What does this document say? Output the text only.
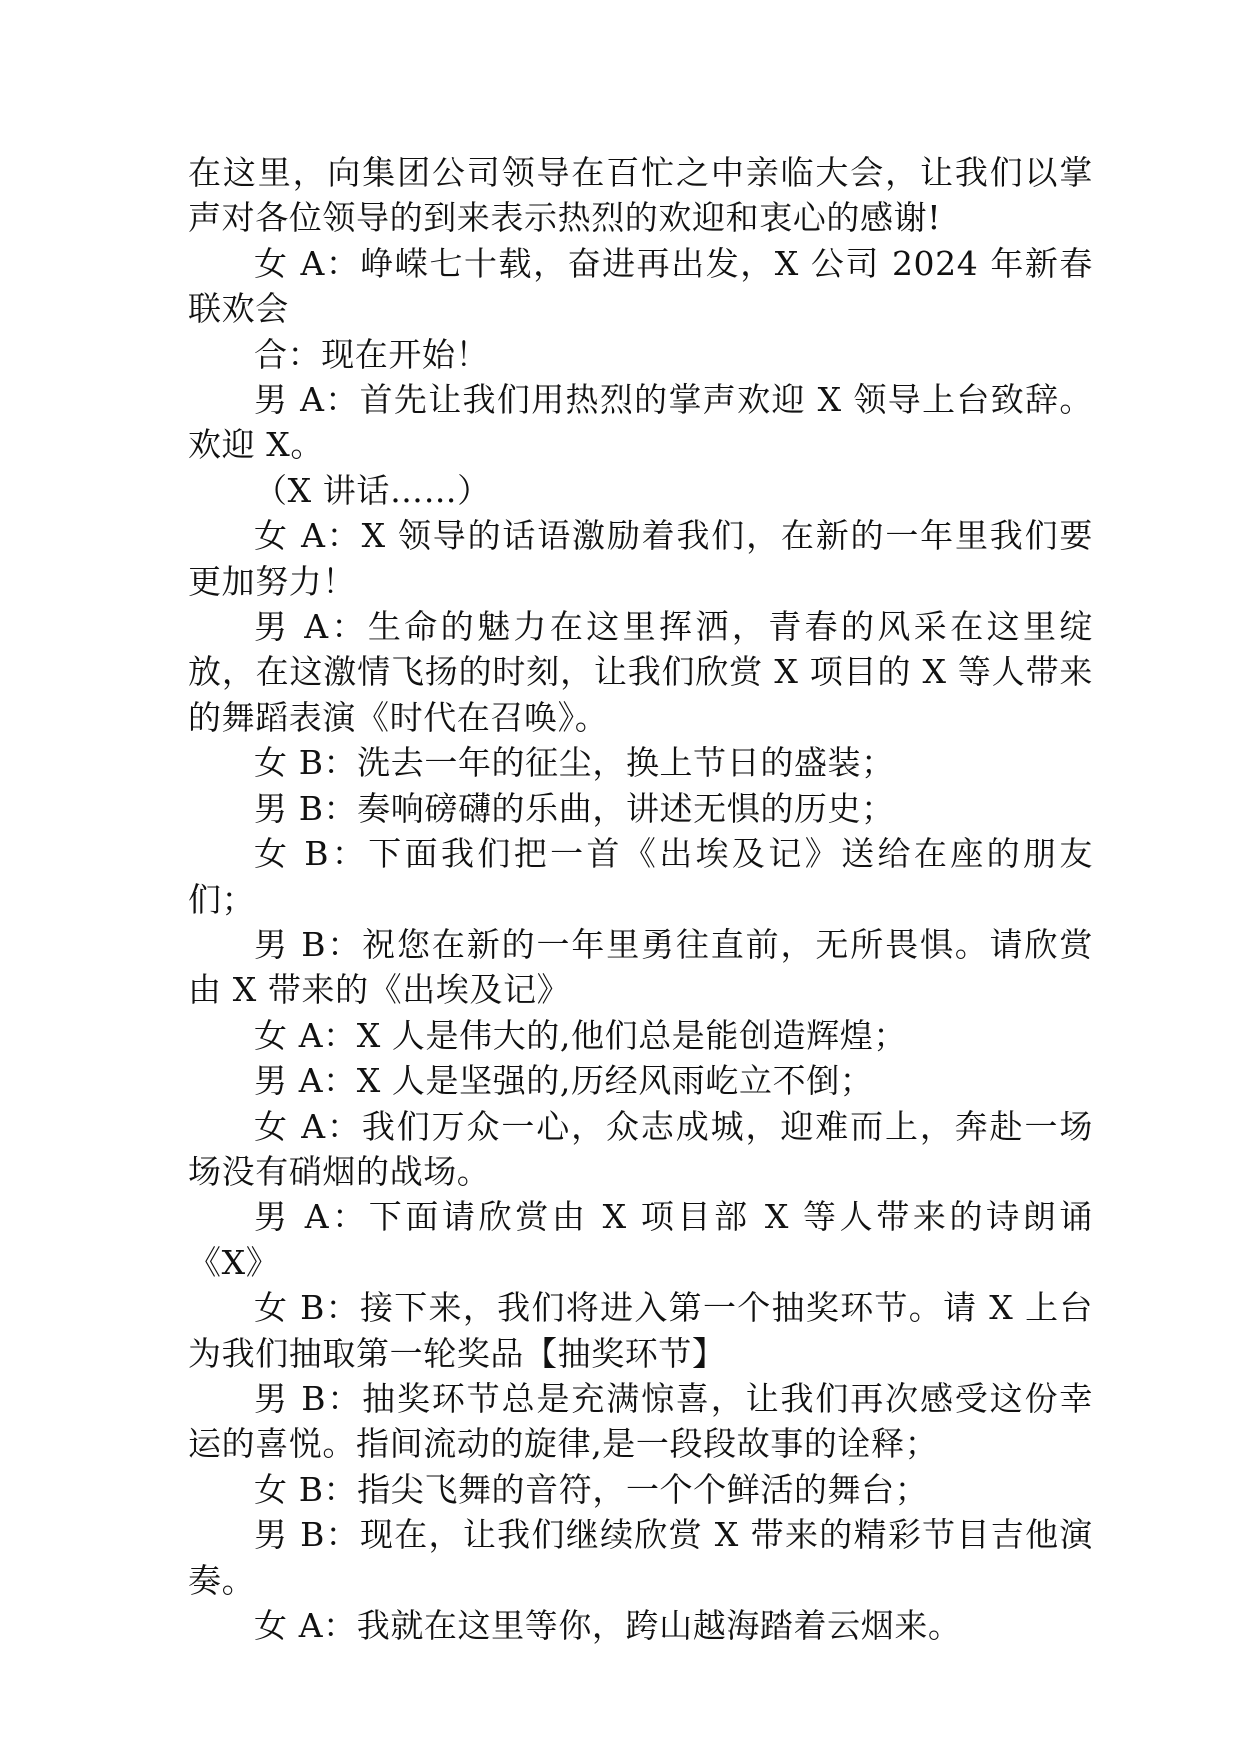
在这里，向集团公司领导在百忙之中亲临大会，让我们以掌声对各位领导的到来表示热烈的欢迎和衷心的感谢!

女 A：峥嵘七十载，奋进再出发，X 公司 2024 年新春联欢会

合：现在开始！

男 A：首先让我们用热烈的掌声欢迎 X 领导上台致辞。欢迎 X。

（X 讲话……）

女 A：X 领导的话语激励着我们，在新的一年里我们要更加努力！

男 A：生命的魅力在这里挥洒，青春的风采在这里绽放，在这激情飞扬的时刻，让我们欣赏 X 项目的 X 等人带来的舞蹈表演《时代在召唤》。

女 B：洗去一年的征尘，换上节日的盛装；

男 B：奏响磅礴的乐曲，讲述无惧的历史；

女 B：下面我们把一首《出埃及记》送给在座的朋友们；

男 B：祝您在新的一年里勇往直前，无所畏惧。请欣赏由 X 带来的《出埃及记》

女 A：X 人是伟大的,他们总是能创造辉煌；

男 A：X 人是坚强的,历经风雨屹立不倒；

女 A：我们万众一心，众志成城，迎难而上，奔赴一场场没有硝烟的战场。

男 A：下面请欣赏由 X 项目部 X 等人带来的诗朗诵《X》

女 B：接下来，我们将进入第一个抽奖环节。请 X 上台为我们抽取第一轮奖品【抽奖环节】

男 B：抽奖环节总是充满惊喜，让我们再次感受这份幸运的喜悦。指间流动的旋律,是一段段故事的诠释；

女 B：指尖飞舞的音符，一个个鲜活的舞台；

男 B：现在，让我们继续欣赏 X 带来的精彩节目吉他演奏。

女 A：我就在这里等你，跨山越海踏着云烟来。
